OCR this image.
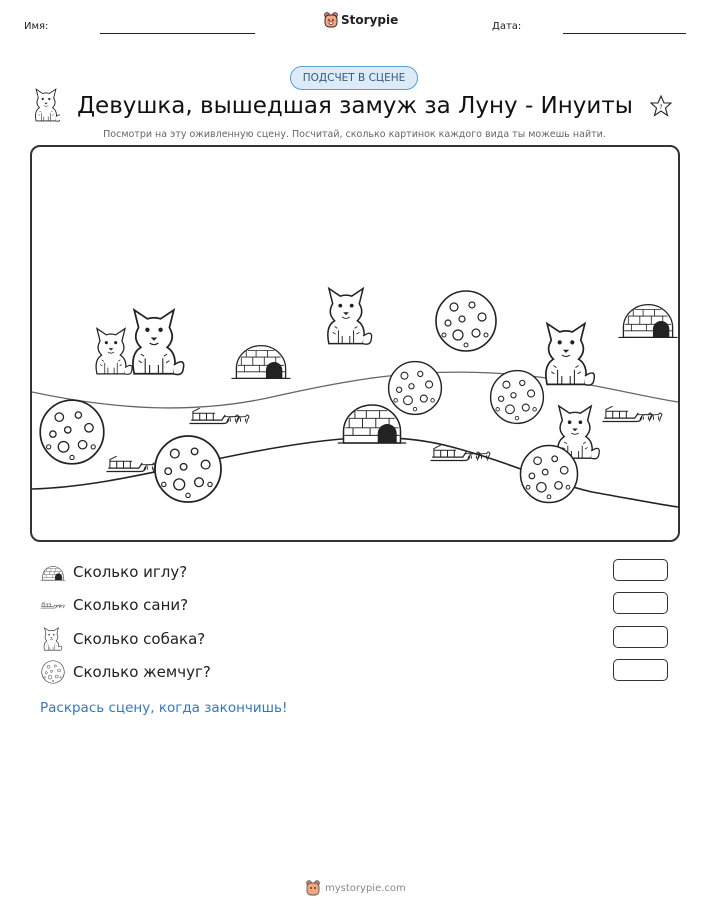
Имя:	Storypie	Дата:
ПОДСЧЕТ В СЦЕНЕ
Девушка, вышедшая замуж за Луну - Инуиты	?
Посмотри на эту оживленную сцену. Посчитай, сколько картинок каждого вида ты можешь найти.
Сколько иглу?
Сколько сани?
Сколько собака?
Сколько жемчуг?
Раскрась сцену, когда закончишь!
mystorypie.com
